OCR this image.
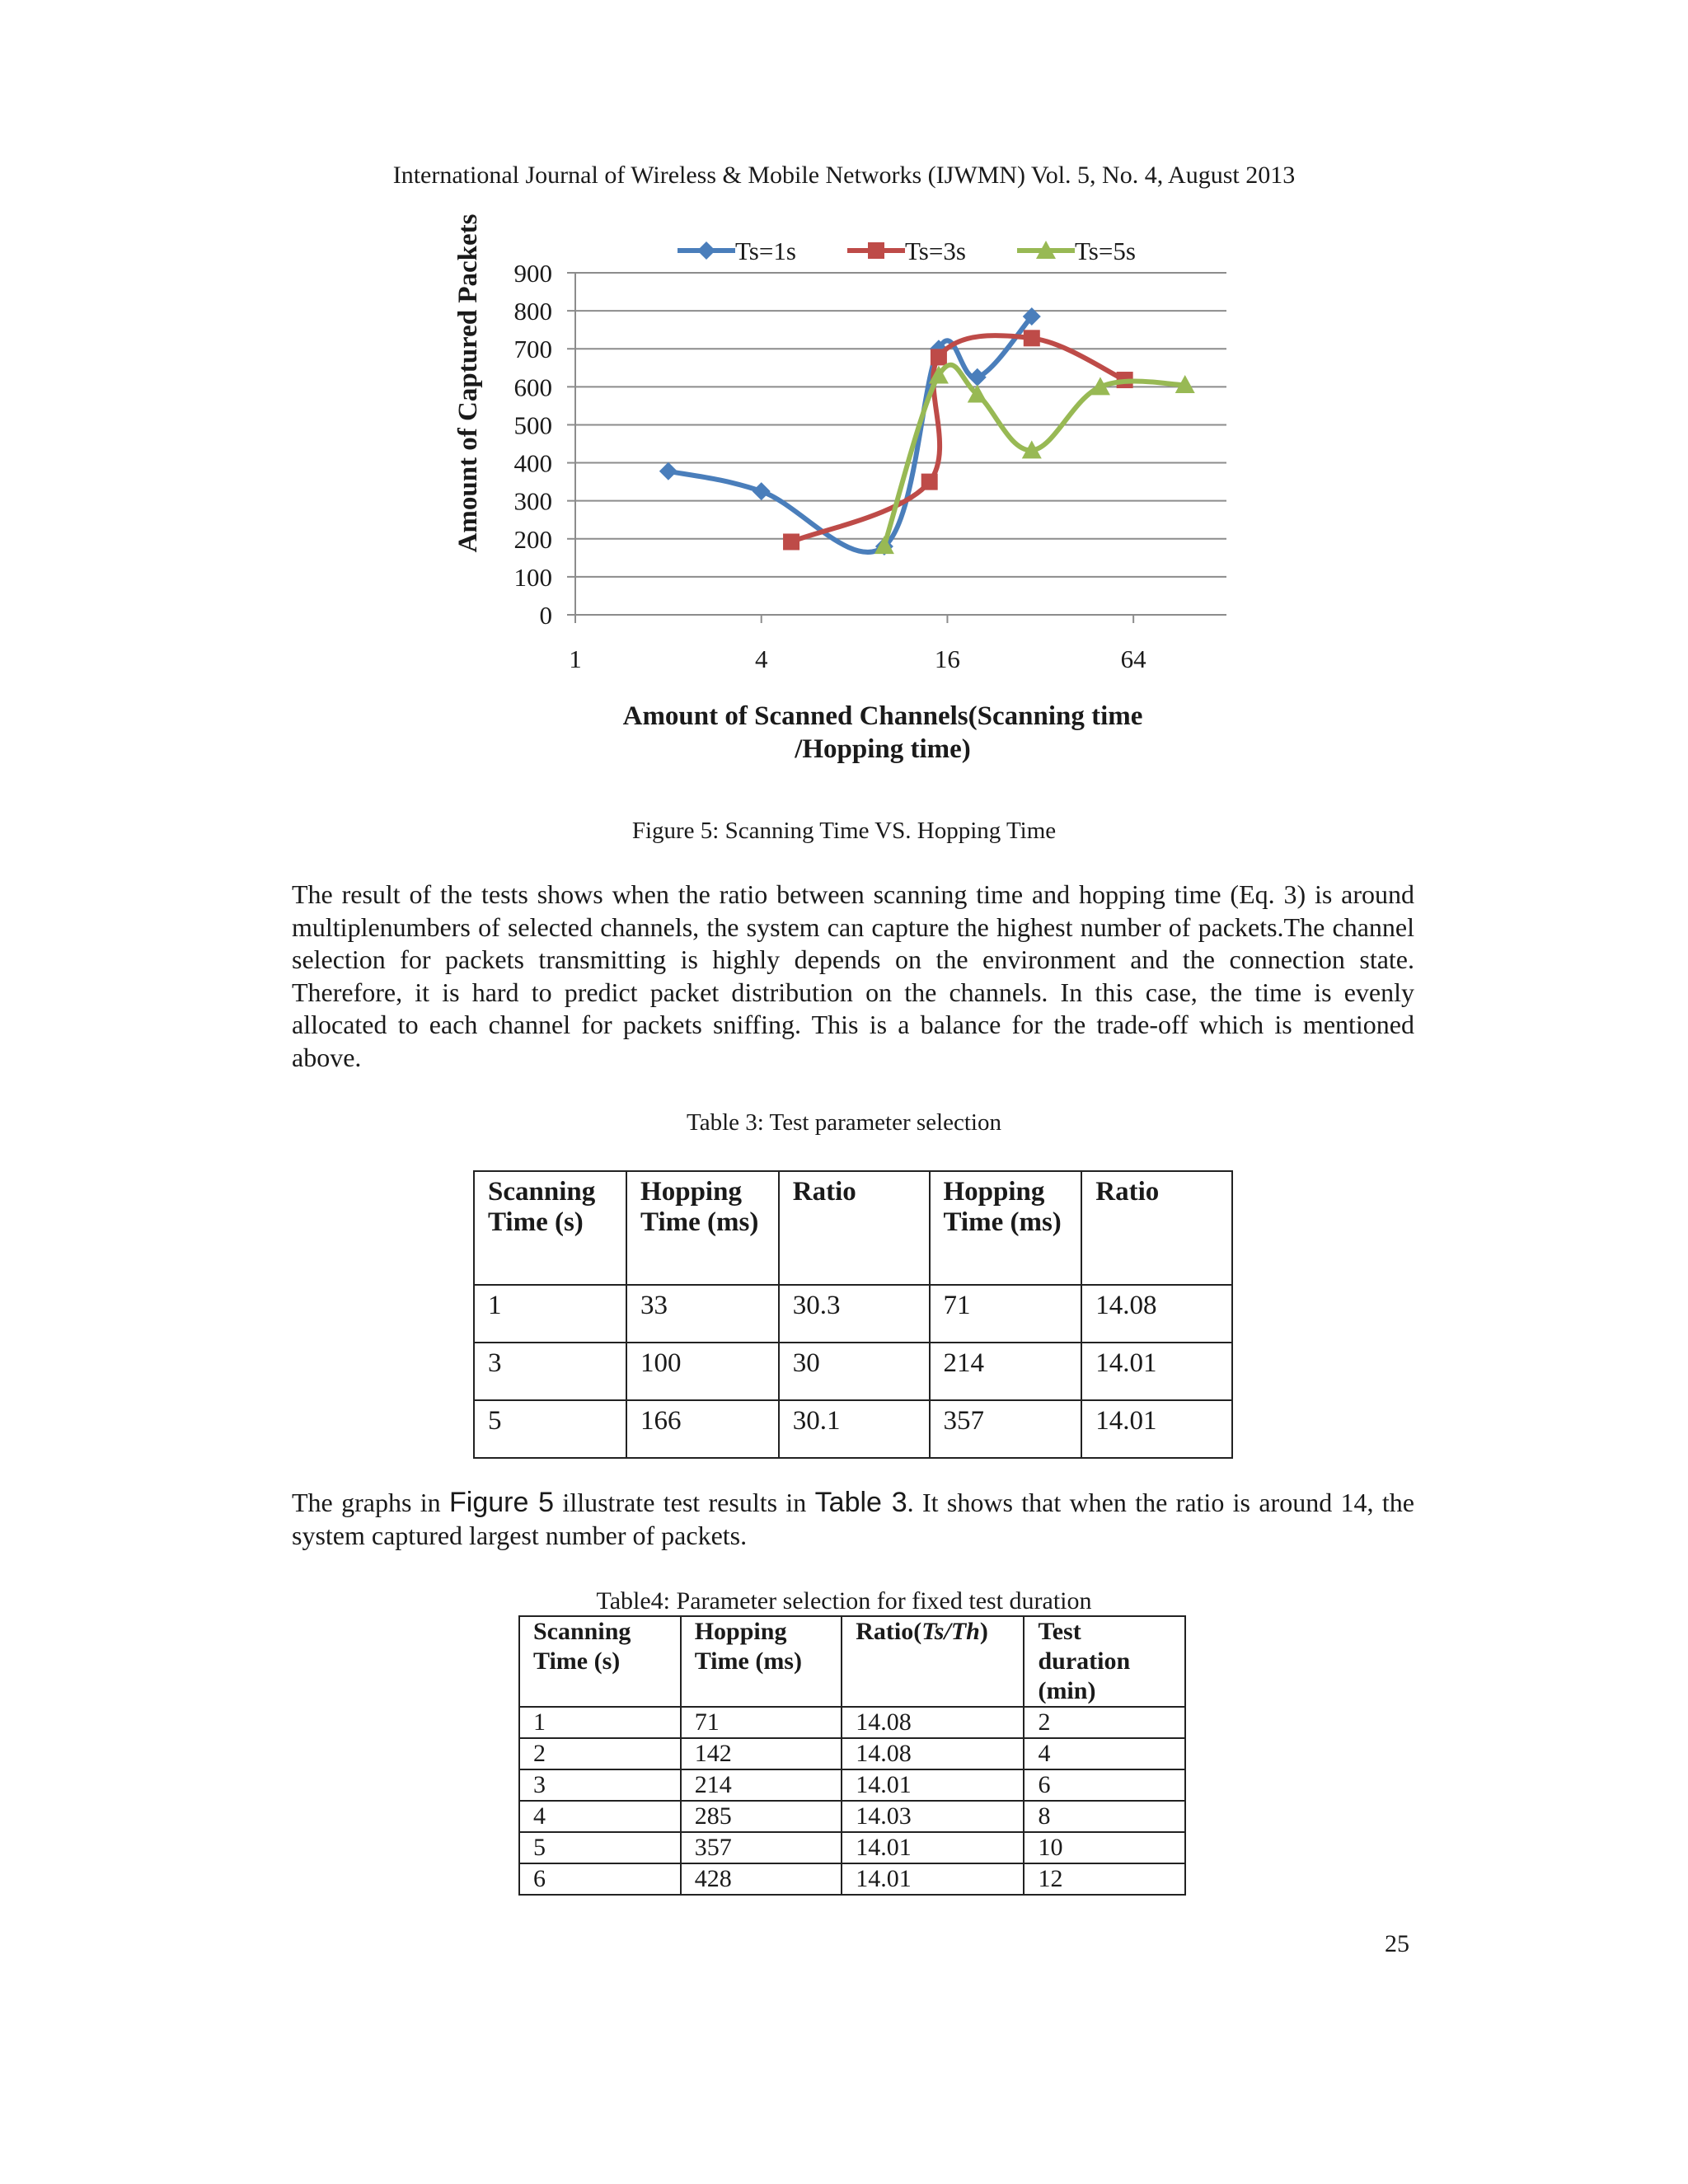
International Journal of Wireless & Mobile Networks (IJWMN) Vol. 5, No. 4, August 2013
0
100
200
300
400
500
600
700
800
900
1	4	16	64
Ts=1s	Ts=3s	Ts=5s
Amount of Captured Packets
Amount of Scanned Channels(Scanning time
/Hopping time)
Figure 5: Scanning Time VS. Hopping Time

The result of the tests shows when the ratio between scanning time and hopping time (Eq. 3) is around multiplenumbers of selected channels, the system can capture the highest number of packets.The channel selection for packets transmitting is highly depends on the environment and the connection state. Therefore, it is hard to predict packet distribution on the channels. In this case, the time is evenly allocated to each channel for packets sniffing. This is a balance for the trade-off which is mentioned above.

Table 3: Test parameter selection
Scanning Time (s)	Hopping Time (ms)	Ratio	Hopping Time (ms)	Ratio
1	33	30.3	71	14.08
3	100	30	214	14.01
5	166	30.1	357	14.01

The graphs in Figure 5 illustrate test results in Table 3. It shows that when the ratio is around 14, the system captured largest number of packets.

Table4: Parameter selection for fixed test duration
Scanning Time (s)	Hopping Time (ms)	Ratio(Ts/Th)	Test duration (min)
1	71	14.08	2
2	142	14.08	4
3	214	14.01	6
4	285	14.03	8
5	357	14.01	10
6	428	14.01	12
25
